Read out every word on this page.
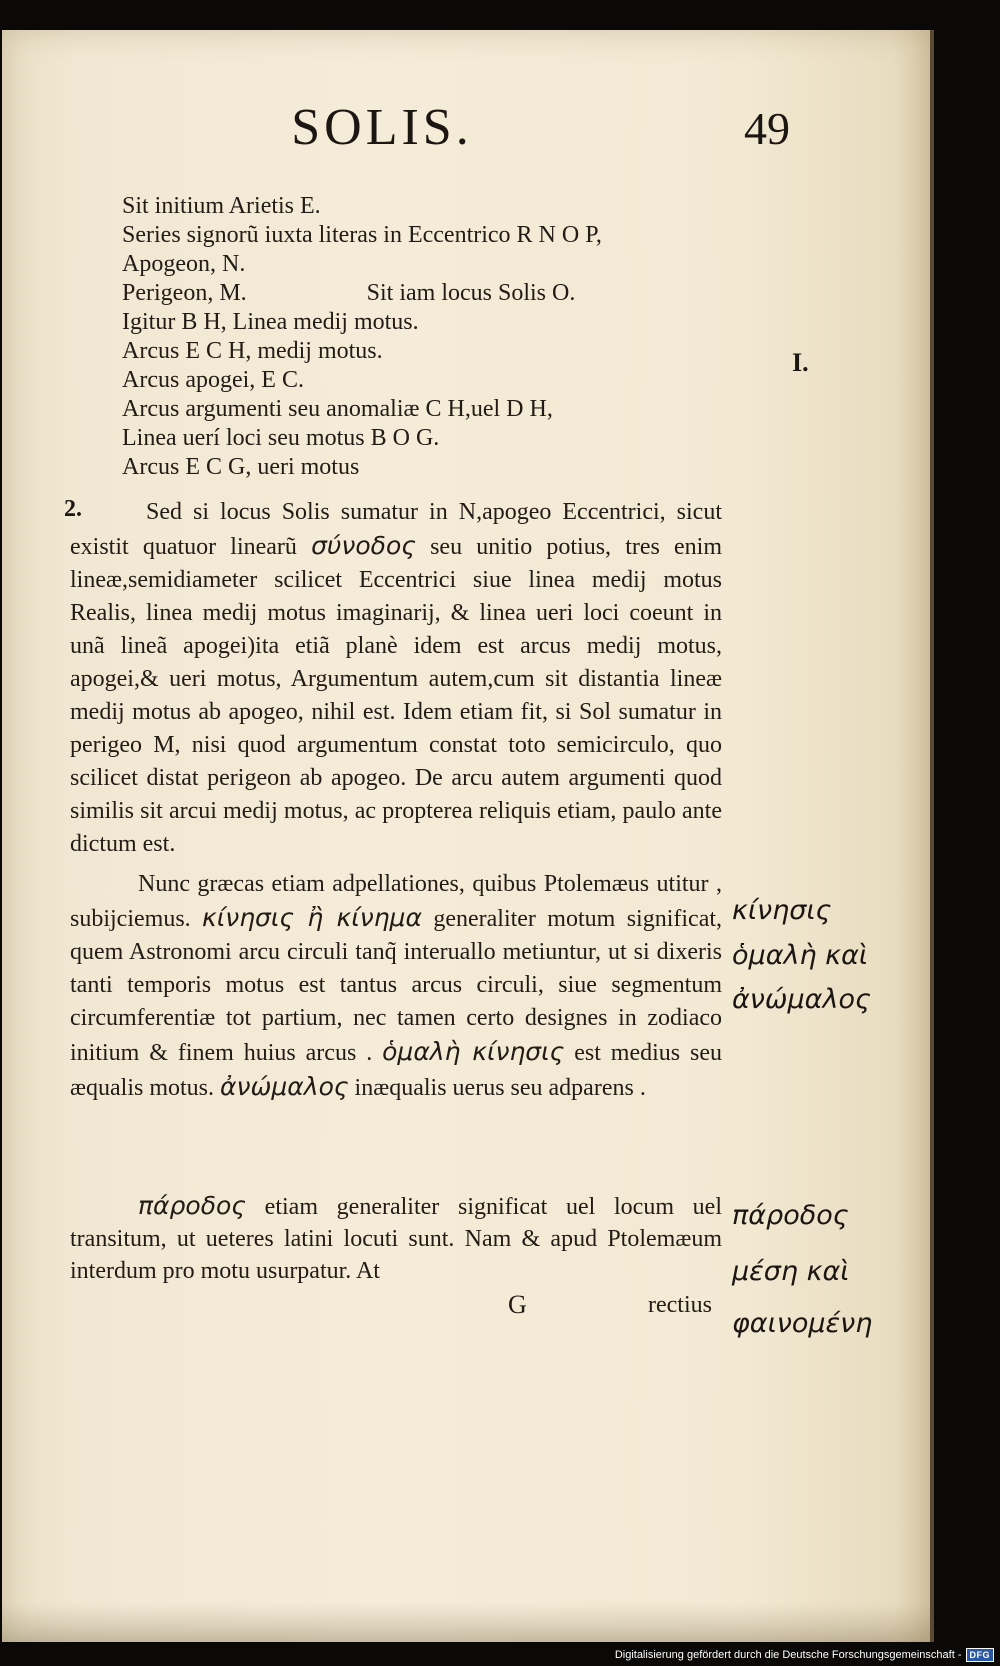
SOLIS.	49
Sit initium Arietis E.
Series signorũ iuxta literas in Eccentrico R N O P,
Apogeon, N.
Perigeon, M.	Sit iam locus Solis O.
Igitur B H, Linea medij motus.
Arcus E C H, medij motus.
Arcus apogei, E C.
Arcus argumenti seu anomaliæ C H,uel D H,
Linea uerí loci seu motus B O G.
Arcus E C G, ueri motus
I.
2.	Sed si locus Solis sumatur in N,apogeo Eccentrici, sicut existit quatuor linearũ σύνοδος seu unitio potius, tres enim lineæ,semidiameter scilicet Eccentrici siue linea medij motus Realis, linea medij motus imaginarij, & linea ueri loci coeunt in unã lineã apogei)ita etiã planè idem est arcus medij motus, apogei,& ueri motus, Argumentum autem,cum sit distantia lineæ medij motus ab apogeo, nihil est. Idem etiam fit, si Sol sumatur in perigeo M, nisi quod argumentum constat toto semicirculo, quo scilicet distat perigeon ab apogeo. De arcu autem argumenti quod similis sit arcui medij motus, ac propterea reliquis etiam, paulo ante dictum est.

Nunc græcas etiam adpellationes, quibus Ptolemæus utitur , subijciemus. κίνησις ἢ κίνημα generaliter motum significat, quem Astronomi arcu circuli tanq̃ interuallo metiuntur, ut si dixeris tanti temporis motus est tantus arcus circuli, siue segmentum circumferentiæ tot partium, nec tamen certo designes in zodiaco initium & finem huius arcus . ὁμαλὴ κίνησις est medius seu æqualis motus. ἀνώμαλος inæqualis uerus seu adparens .

πάροδος etiam generaliter significat uel locum uel transitum, ut ueteres latini locuti sunt. Nam & apud Ptolemæum interdum pro motu usurpatur. At

κίνησις
ὁμαλὴ καὶ
ἀνώμαλος
πάροδος
μέση καὶ
φαινομένη
G	rectius
Digitalisierung gefördert durch die Deutsche Forschungsgemeinschaft - DFG
